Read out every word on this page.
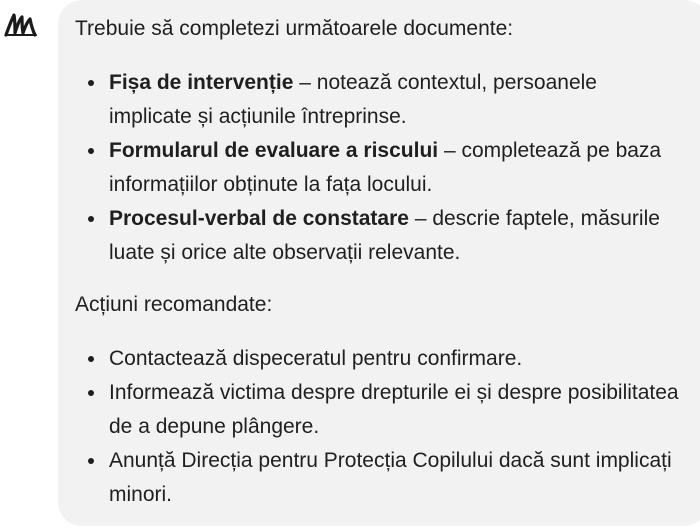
Trebuie să completezi următoarele documente:

Fișa de intervenție – notează contextul, persoanele implicate și acțiunile întreprinse.
Formularul de evaluare a riscului – completează pe baza informațiilor obținute la fața locului.
Procesul-verbal de constatare – descrie faptele, măsurile luate și orice alte observații relevante.

Acțiuni recomandate:

Contactează dispeceratul pentru confirmare.
Informează victima despre drepturile ei și despre posibilitatea de a depune plângere.
Anunță Direcția pentru Protecția Copilului dacă sunt implicați minori.
